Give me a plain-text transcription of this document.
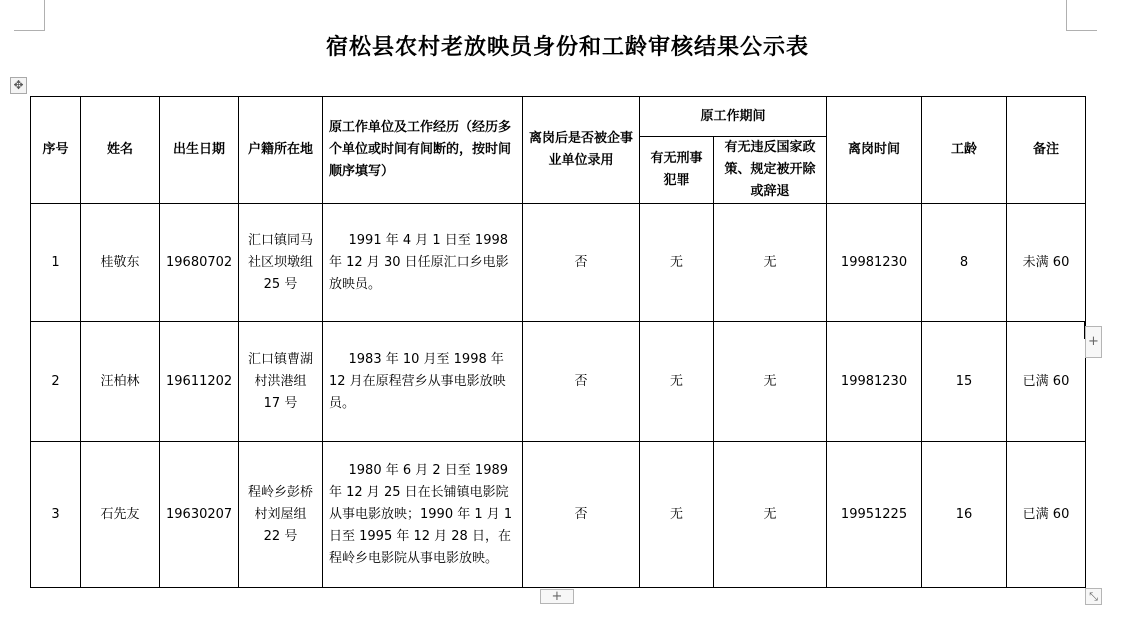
宿松县农村老放映员身份和工龄审核结果公示表
✥
序号	姓名	出生日期	户籍所在地	原工作单位及工作经历（经历多个单位或时间有间断的，按时间顺序填写）	离岗后是否被企事业单位录用	原工作期间		离岗时间	工龄	备注
						有无刑事犯罪	有无违反国家政策、规定被开除或辞退			
1	桂敬东	19680702	汇口镇同马社区坝墩组 25 号	1991 年 4 月 1 日至 1998 年 12 月 30 日任原汇口乡电影放映员。	否	无	无	19981230	8	未满 60
2	汪柏林	19611202	汇口镇曹湖村洪港组 17 号	1983 年 10 月至 1998 年 12 月在原程营乡从事电影放映员。	否	无	无	19981230	15	已满 60
3	石先友	19630207	程岭乡彭桥村刘屋组 22 号	1980 年 6 月 2 日至 1989 年 12 月 25 日在长铺镇电影院从事电影放映；1990 年 1 月 1 日至 1995 年 12 月 28 日，在程岭乡电影院从事电影放映。	否	无	无	19951225	16	已满 60
+
+	⤡
